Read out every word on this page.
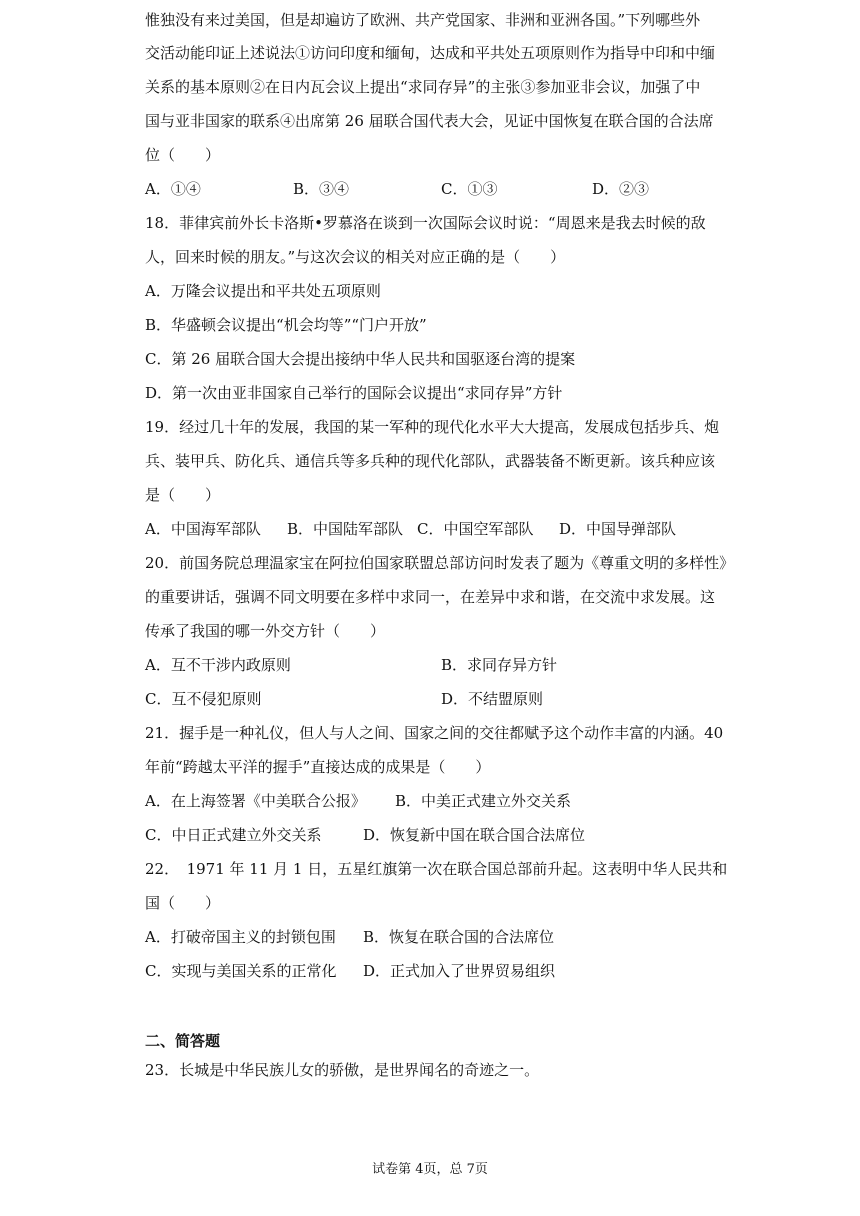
惟独没有来过美国，但是却遍访了欧洲、共产党国家、非洲和亚洲各国。”下列哪些外
交活动能印证上述说法①访问印度和缅甸，达成和平共处五项原则作为指导中印和中缅
关系的基本原则②在日内瓦会议上提出“求同存异”的主张③参加亚非会议，加强了中
国与亚非国家的联系④出席第 26 届联合国代表大会，见证中国恢复在联合国的合法席
位（　　）
A．①④	B．③④	C．①③	D．②③
18．菲律宾前外长卡洛斯•罗慕洛在谈到一次国际会议时说：“周恩来是我去时候的敌
人，回来时候的朋友。”与这次会议的相关对应正确的是（　　）
A．万隆会议提出和平共处五项原则
B．华盛顿会议提出“机会均等”“门户开放”
C．第 26 届联合国大会提出接纳中华人民共和国驱逐台湾的提案
D．第一次由亚非国家自己举行的国际会议提出“求同存异”方针
19．经过几十年的发展，我国的某一军种的现代化水平大大提高，发展成包括步兵、炮
兵、装甲兵、防化兵、通信兵等多兵种的现代化部队，武器装备不断更新。该兵种应该
是（　　）
A．中国海军部队 B．中国陆军部队 C．中国空军部队 D．中国导弹部队
20．前国务院总理温家宝在阿拉伯国家联盟总部访问时发表了题为《尊重文明的多样性》
的重要讲话，强调不同文明要在多样中求同一，在差异中求和谐，在交流中求发展。这
传承了我国的哪一外交方针（　　）
A．互不干涉内政原则	B．求同存异方针
C．互不侵犯原则	D．不结盟原则
21．握手是一种礼仪，但人与人之间、国家之间的交往都赋予这个动作丰富的内涵。40
年前“跨越太平洋的握手”直接达成的成果是（　　）
A．在上海签署《中美联合公报》 B．中美正式建立外交关系
C．中日正式建立外交关系	D．恢复新中国在联合国合法席位
22．　1971 年 11 月 1 日，五星红旗第一次在联合国总部前升起。这表明中华人民共和
国（　　）
A．打破帝国主义的封锁包围 B．恢复在联合国的合法席位
C．实现与美国关系的正常化 D．正式加入了世界贸易组织
二、简答题
23．长城是中华民族儿女的骄傲，是世界闻名的奇迹之一。
试卷第 4页，总 7页
